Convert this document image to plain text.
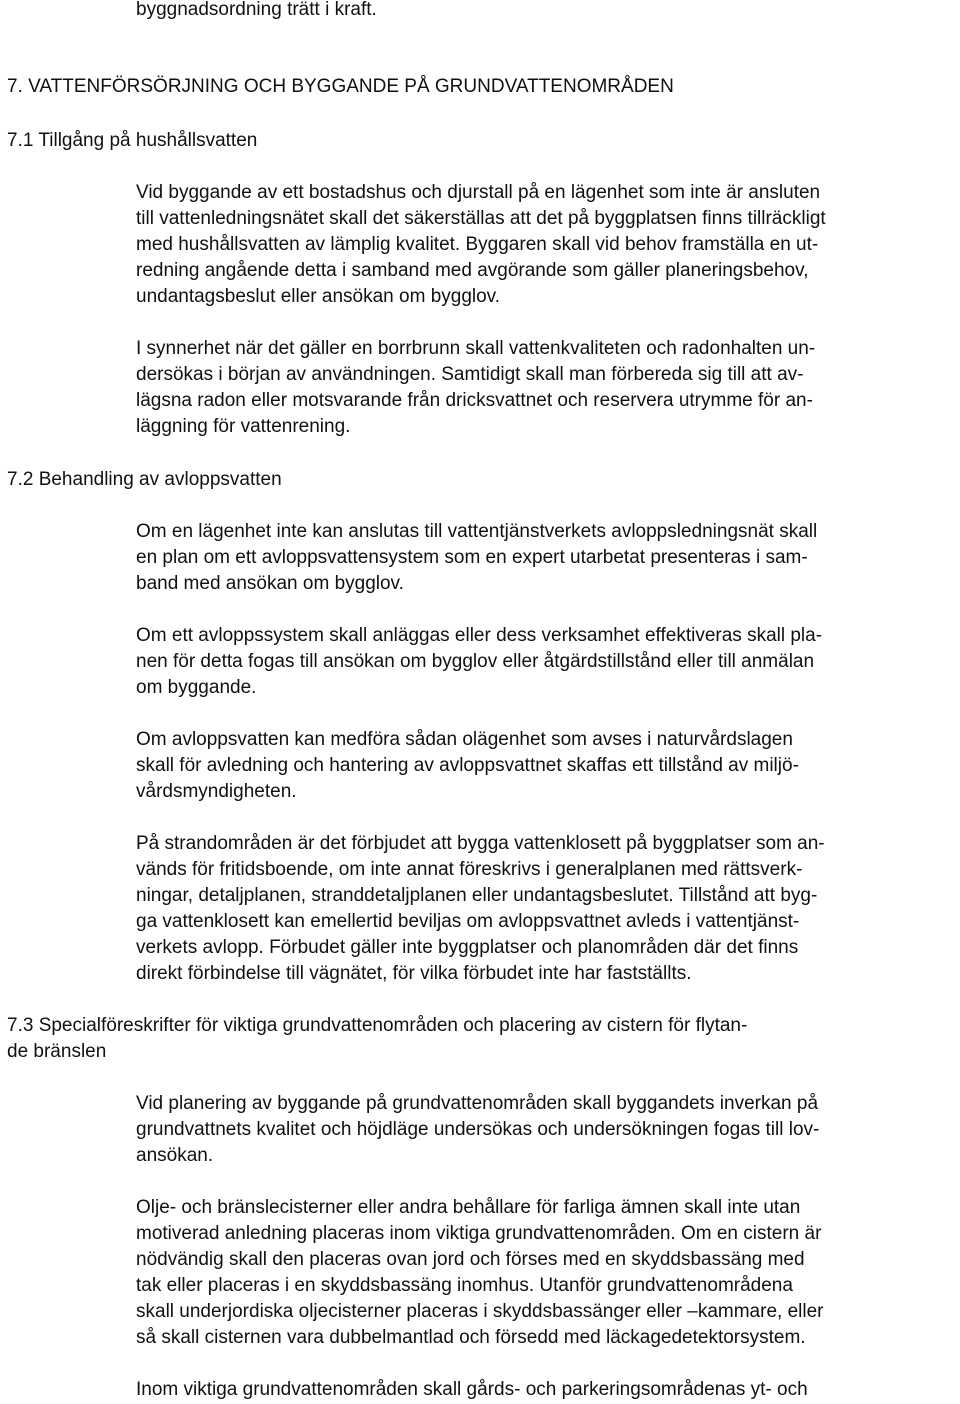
byggnadsordning trätt i kraft.

7. VATTENFÖRSÖRJNING OCH BYGGANDE PÅ GRUNDVATTENOMRÅDEN
7.1 Tillgång på hushållsvatten

Vid byggande av ett bostadshus och djurstall på en lägenhet som inte är ansluten
till vattenledningsnätet skall det säkerställas att det på byggplatsen finns tillräckligt
med hushållsvatten av lämplig kvalitet. Byggaren skall vid behov framställa en ut-
redning angående detta i samband med avgörande som gäller planeringsbehov,
undantagsbeslut eller ansökan om bygglov.

I synnerhet när det gäller en borrbrunn skall vattenkvaliteten och radonhalten un-
dersökas i början av användningen. Samtidigt skall man förbereda sig till att av-
lägsna radon eller motsvarande från dricksvattnet och reservera utrymme för an-
läggning för vattenrening.

7.2 Behandling av avloppsvatten

Om en lägenhet inte kan anslutas till vattentjänstverkets avloppsledningsnät skall
en plan om ett avloppsvattensystem som en expert utarbetat presenteras i sam-
band med ansökan om bygglov.

Om ett avloppssystem skall anläggas eller dess verksamhet effektiveras skall pla-
nen för detta fogas till ansökan om bygglov eller åtgärdstillstånd eller till anmälan
om byggande.

Om avloppsvatten kan medföra sådan olägenhet som avses i naturvårdslagen
skall för avledning och hantering av avloppsvattnet skaffas ett tillstånd av miljö-
vårdsmyndigheten.

På strandområden är det förbjudet att bygga vattenklosett på byggplatser som an-
vänds för fritidsboende, om inte annat föreskrivs i generalplanen med rättsverk-
ningar, detaljplanen, stranddetaljplanen eller undantagsbeslutet. Tillstånd att byg-
ga vattenklosett kan emellertid beviljas om avloppsvattnet avleds i vattentjänst-
verkets avlopp. Förbudet gäller inte byggplatser och planområden där det finns
direkt förbindelse till vägnätet, för vilka förbudet inte har fastställts.

7.3 Specialföreskrifter för viktiga grundvattenområden och placering av cistern för flytan-
de bränslen

Vid planering av byggande på grundvattenområden skall byggandets inverkan på
grundvattnets kvalitet och höjdläge undersökas och undersökningen fogas till lov-
ansökan.

Olje- och bränslecisterner eller andra behållare för farliga ämnen skall inte utan
motiverad anledning placeras inom viktiga grundvattenområden. Om en cistern är
nödvändig skall den placeras ovan jord och förses med en skyddsbassäng med
tak eller placeras i en skyddsbassäng inomhus. Utanför grundvattenområdena
skall underjordiska oljecisterner placeras i skyddsbassänger eller –kammare, eller
så skall cisternen vara dubbelmantlad och försedd med läckagedetektorsystem.

Inom viktiga grundvattenområden skall gårds- och parkeringsområdenas yt- och
